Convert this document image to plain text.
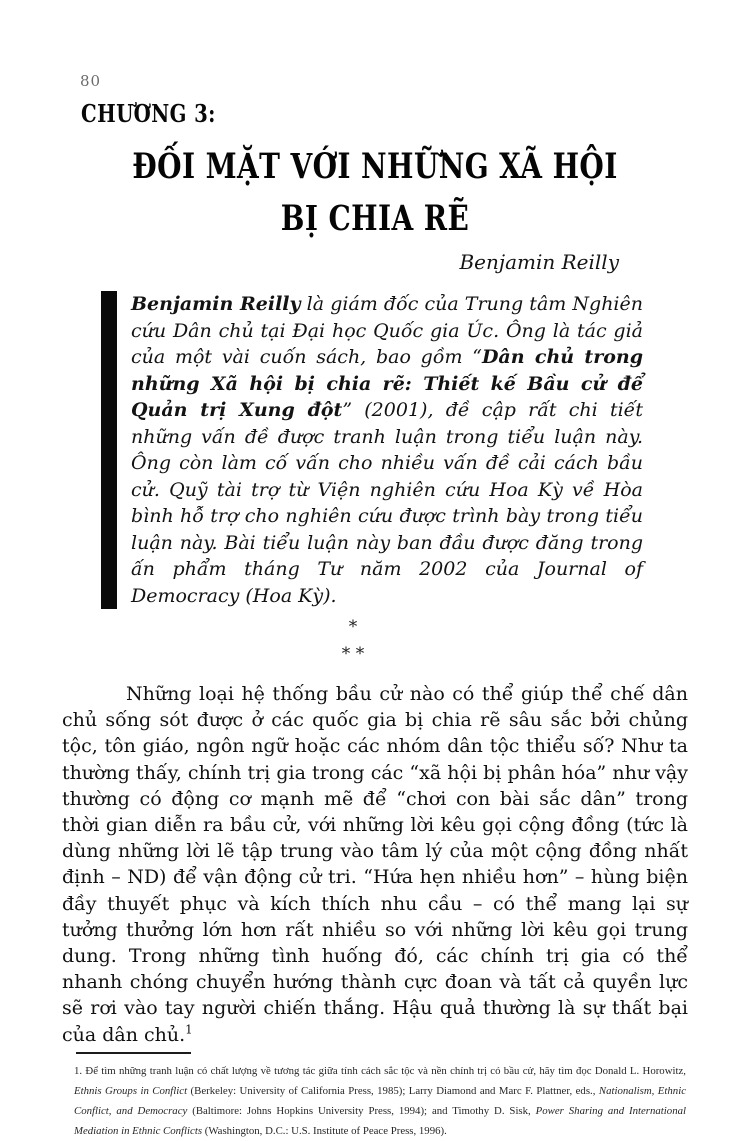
80
CHƯƠNG 3:
ĐỐI MẶT VỚI NHỮNG XÃ HỘI
BỊ CHIA RẼ
Benjamin Reilly
Benjamin Reilly là giám đốc của Trung tâm Nghiên cứu Dân chủ tại Đại học Quốc gia Úc. Ông là tác giả của một vài cuốn sách, bao gồm “Dân chủ trong những Xã hội bị chia rẽ: Thiết kế Bầu cử để Quản trị Xung đột” (2001), đề cập rất chi tiết những vấn đề được tranh luận trong tiểu luận này. Ông còn làm cố vấn cho nhiều vấn đề cải cách bầu cử. Quỹ tài trợ từ Viện nghiên cứu Hoa Kỳ về Hòa bình hỗ trợ cho nghiên cứu được trình bày trong tiểu luận này. Bài tiểu luận này ban đầu được đăng trong ấn phẩm tháng Tư năm 2002 của Journal of Democracy (Hoa Kỳ).
*
* *

Những loại hệ thống bầu cử nào có thể giúp thể chế dân chủ sống sót được ở các quốc gia bị chia rẽ sâu sắc bởi chủng tộc, tôn giáo, ngôn ngữ hoặc các nhóm dân tộc thiểu số? Như ta thường thấy, chính trị gia trong các “xã hội bị phân hóa” như vậy thường có động cơ mạnh mẽ để “chơi con bài sắc dân” trong thời gian diễn ra bầu cử, với những lời kêu gọi cộng đồng (tức là dùng những lời lẽ tập trung vào tâm lý của một cộng đồng nhất định – ND) để vận động cử tri. “Hứa hẹn nhiều hơn” – hùng biện đầy thuyết phục và kích thích nhu cầu – có thể mang lại sự tưởng thưởng lớn hơn rất nhiều so với những lời kêu gọi trung dung. Trong những tình huống đó, các chính trị gia có thể nhanh chóng chuyển hướng thành cực đoan và tất cả quyền lực sẽ rơi vào tay người chiến thắng. Hậu quả thường là sự thất bại của dân chủ.$^1$

1. Để tìm những tranh luận có chất lượng về tương tác giữa tính cách sắc tộc và nền chính trị có bầu cử, hãy tìm đọc Donald L. Horowitz, Ethnis Groups in Conflict (Berkeley: University of California Press, 1985); Larry Diamond and Marc F. Plattner, eds., Nationalism, Ethnic Conflict, and Democracy (Baltimore: Johns Hopkins University Press, 1994); and Timothy D. Sisk, Power Sharing and International Mediation in Ethnic Conflicts (Washington, D.C.: U.S. Institute of Peace Press, 1996).
